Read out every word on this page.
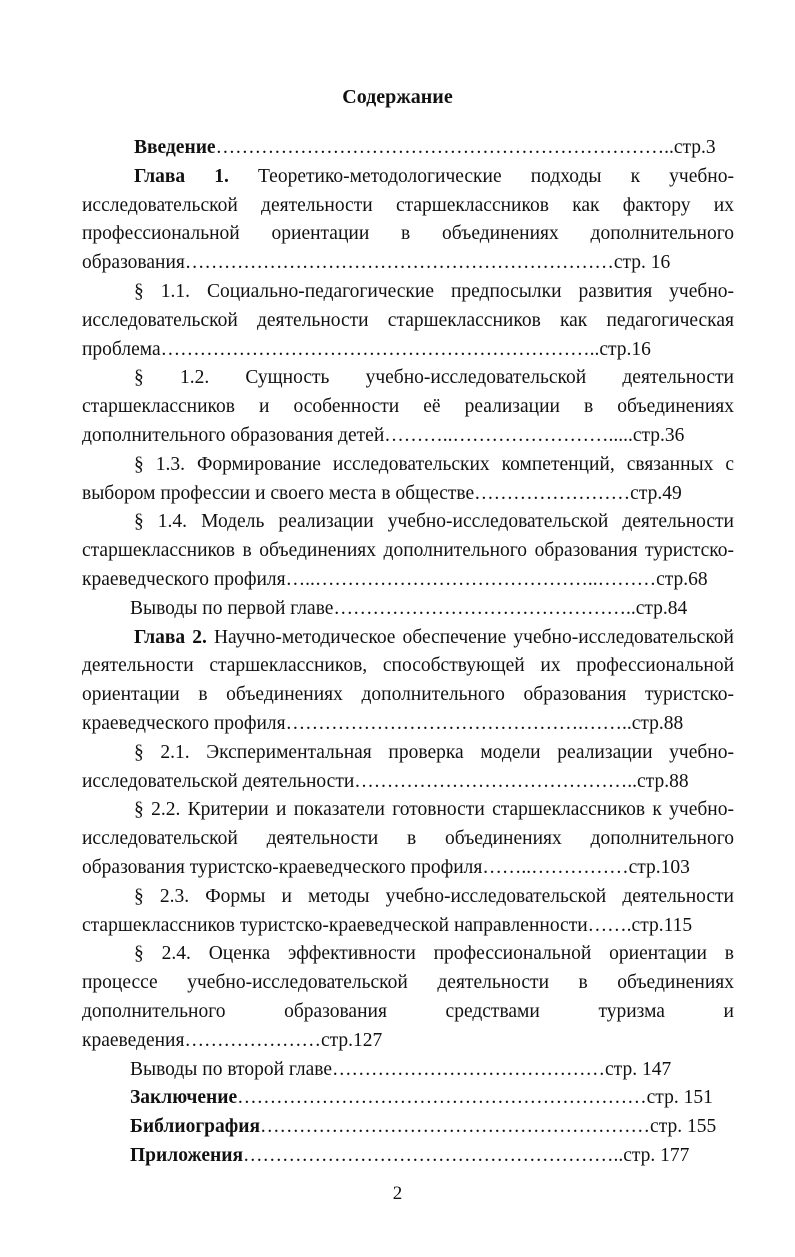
Содержание
Введение……………………………………………………………..стр.3
Глава 1. Теоретико-методологические подходы к учебно-исследовательской деятельности старшеклассников как фактору их профессиональной ориентации в объединениях дополнительного образования…………………………………………………………стр. 16
§ 1.1. Социально-педагогические предпосылки развития учебно-исследовательской деятельности старшеклассников как педагогическая проблема…………………………………………………………..стр.16
§ 1.2. Сущность учебно-исследовательской деятельности старшеклассников и особенности её реализации в объединениях дополнительного образования детей………..…………………….....стр.36
§ 1.3. Формирование исследовательских компетенций, связанных с выбором профессии и своего места в обществе……………………стр.49
§ 1.4. Модель реализации учебно-исследовательской деятельности старшеклассников в объединениях дополнительного образования туристско-краеведческого профиля…..……………………………………..………стр.68
Выводы по первой главе………………………………………..стр.84
Глава 2. Научно-методическое обеспечение учебно-исследовательской деятельности старшеклассников, способствующей их профессиональной ориентации в объединениях дополнительного образования туристско-краеведческого профиля……………………………………….……..стр.88
§ 2.1. Экспериментальная проверка модели реализации учебно-исследовательской деятельности……………………………………..стр.88
§ 2.2. Критерии и показатели готовности старшеклассников к учебно-исследовательской деятельности в объединениях дополнительного образования туристско-краеведческого профиля……..……………стр.103
§ 2.3. Формы и методы учебно-исследовательской деятельности старшеклассников туристско-краеведческой направленности…….стр.115
§ 2.4. Оценка эффективности профессиональной ориентации в процессе учебно-исследовательской деятельности в объединениях дополнительного образования средствами туризма и краеведения…………………стр.127
Выводы по второй главе……………………………………стр. 147
Заключение………………………………………………………стр. 151
Библиография……………………………………………………стр. 155
Приложения…………………………………………………..стр. 177
2
